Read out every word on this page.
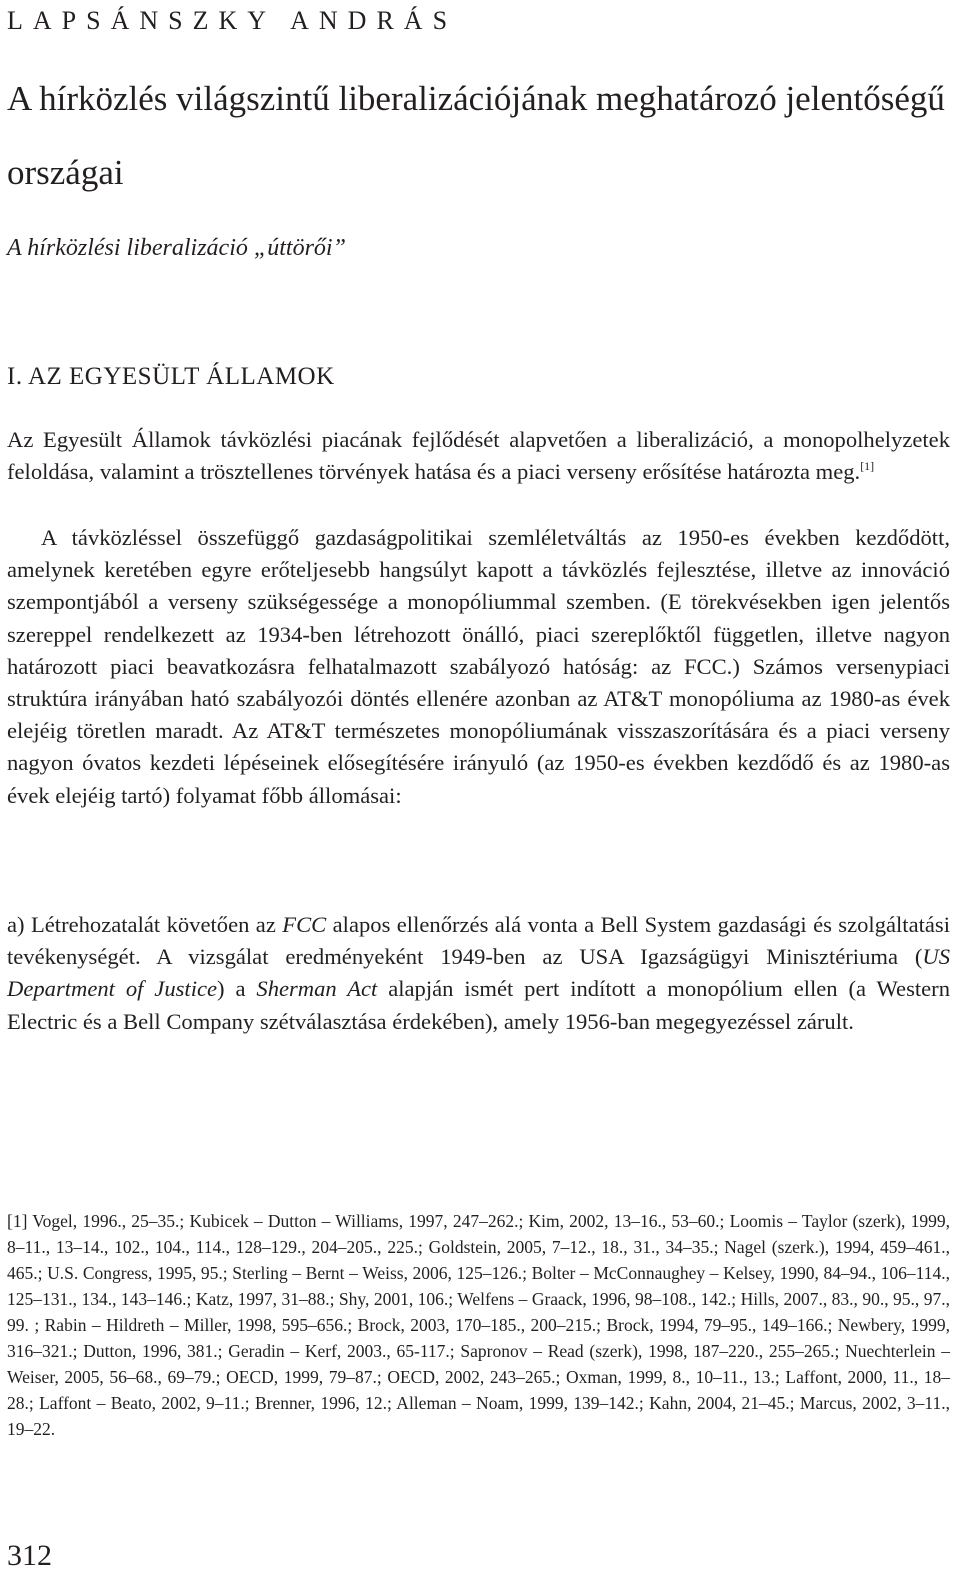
LAPSÁNSZKY ANDRÁS
A hírközlés világszintű liberalizációjának meghatározó jelentőségű országai
A hírközlési liberalizáció „úttörői”
I. AZ EGYESÜLT ÁLLAMOK

Az Egyesült Államok távközlési piacának fejlődését alapvetően a liberalizáció, a monopolhelyzetek feloldása, valamint a trösztellenes törvények hatása és a piaci verseny erősítése határozta meg.[1]

A távközléssel összefüggő gazdaságpolitikai szemléletváltás az 1950-es években kezdődött, amelynek keretében egyre erőteljesebb hangsúlyt kapott a távközlés fejlesztése, illetve az innováció szempontjából a verseny szükségessége a monopóliummal szemben. (E törekvésekben igen jelentős szereppel rendelkezett az 1934-ben létrehozott önálló, piaci szereplőktől független, illetve nagyon határozott piaci beavatkozásra felhatalmazott szabályozó hatóság: az FCC.) Számos versenypiaci struktúra irányában ható szabályozói döntés ellenére azonban az AT&T monopóliuma az 1980-as évek elejéig töretlen maradt. Az AT&T természetes monopóliumának visszaszorítására és a piaci verseny nagyon óvatos kezdeti lépéseinek elősegítésére irányuló (az 1950-es években kezdődő és az 1980-as évek elejéig tartó) folyamat főbb állomásai:

a) Létrehozatalát követően az FCC alapos ellenőrzés alá vonta a Bell System gazdasági és szolgáltatási tevékenységét. A vizsgálat eredményeként 1949-ben az USA Igazságügyi Minisztériuma (US Department of Justice) a Sherman Act alapján ismét pert indított a monopólium ellen (a Western Electric és a Bell Company szétválasztása érdekében), amely 1956-ban megegyezéssel zárult.

[1] Vogel, 1996., 25–35.; Kubicek – Dutton – Williams, 1997, 247–262.; Kim, 2002, 13–16., 53–60.; Loomis – Taylor (szerk), 1999, 8–11., 13–14., 102., 104., 114., 128–129., 204–205., 225.; Goldstein, 2005, 7–12., 18., 31., 34–35.; Nagel (szerk.), 1994, 459–461., 465.; U.S. Congress, 1995, 95.; Sterling – Bernt – Weiss, 2006, 125–126.; Bolter – McConnaughey – Kelsey, 1990, 84–94., 106–114., 125–131., 134., 143–146.; Katz, 1997, 31–88.; Shy, 2001, 106.; Welfens – Graack, 1996, 98–108., 142.; Hills, 2007., 83., 90., 95., 97., 99. ; Rabin – Hildreth – Miller, 1998, 595–656.; Brock, 2003, 170–185., 200–215.; Brock, 1994, 79–95., 149–166.; Newbery, 1999, 316–321.; Dutton, 1996, 381.; Geradin – Kerf, 2003., 65-117.; Sapronov – Read (szerk), 1998, 187–220., 255–265.; Nuechterlein – Weiser, 2005, 56–68., 69–79.; OECD, 1999, 79–87.; OECD, 2002, 243–265.; Oxman, 1999, 8., 10–11., 13.; Laffont, 2000, 11., 18–28.; Laffont – Beato, 2002, 9–11.; Brenner, 1996, 12.; Alleman – Noam, 1999, 139–142.; Kahn, 2004, 21–45.; Marcus, 2002, 3–11., 19–22.
312
